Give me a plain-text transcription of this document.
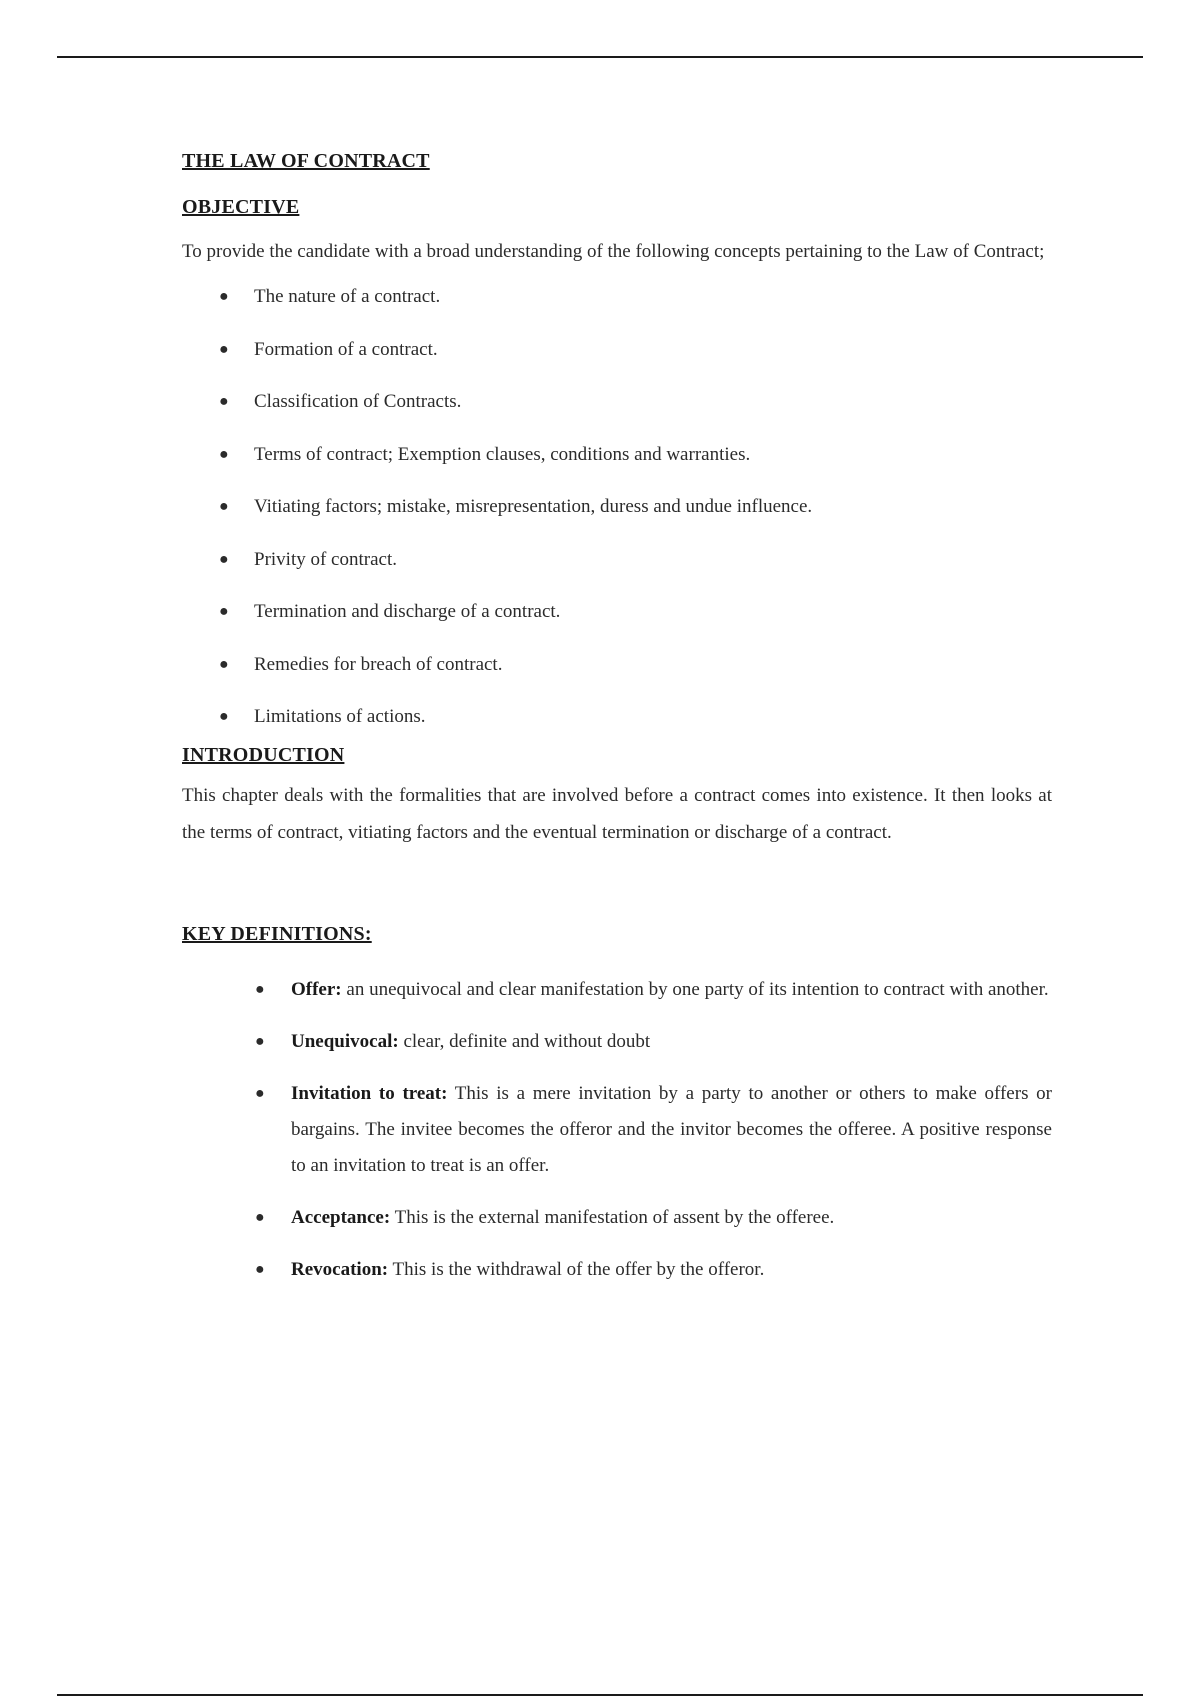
THE LAW OF CONTRACT
OBJECTIVE

To provide the candidate with a broad understanding of the following concepts pertaining to the Law of Contract;

● The nature of a contract.
● Formation of a contract.
● Classification of Contracts.
● Terms of contract; Exemption clauses, conditions and warranties.
● Vitiating factors; mistake, misrepresentation, duress and undue influence.
● Privity of contract.
● Termination and discharge of a contract.
● Remedies for breach of contract.
● Limitations of actions.
INTRODUCTION

This chapter deals with the formalities that are involved before a contract comes into existence. It then looks at the terms of contract, vitiating factors and the eventual termination or discharge of a contract.

KEY DEFINITIONS:
● Offer: an unequivocal and clear manifestation by one party of its intention to contract with another.
● Unequivocal: clear, definite and without doubt
● Invitation to treat: This is a mere invitation by a party to another or others to make offers or bargains. The invitee becomes the offeror and the invitor becomes the offeree. A positive response to an invitation to treat is an offer.
● Acceptance: This is the external manifestation of assent by the offeree.
● Revocation: This is the withdrawal of the offer by the offeror.
